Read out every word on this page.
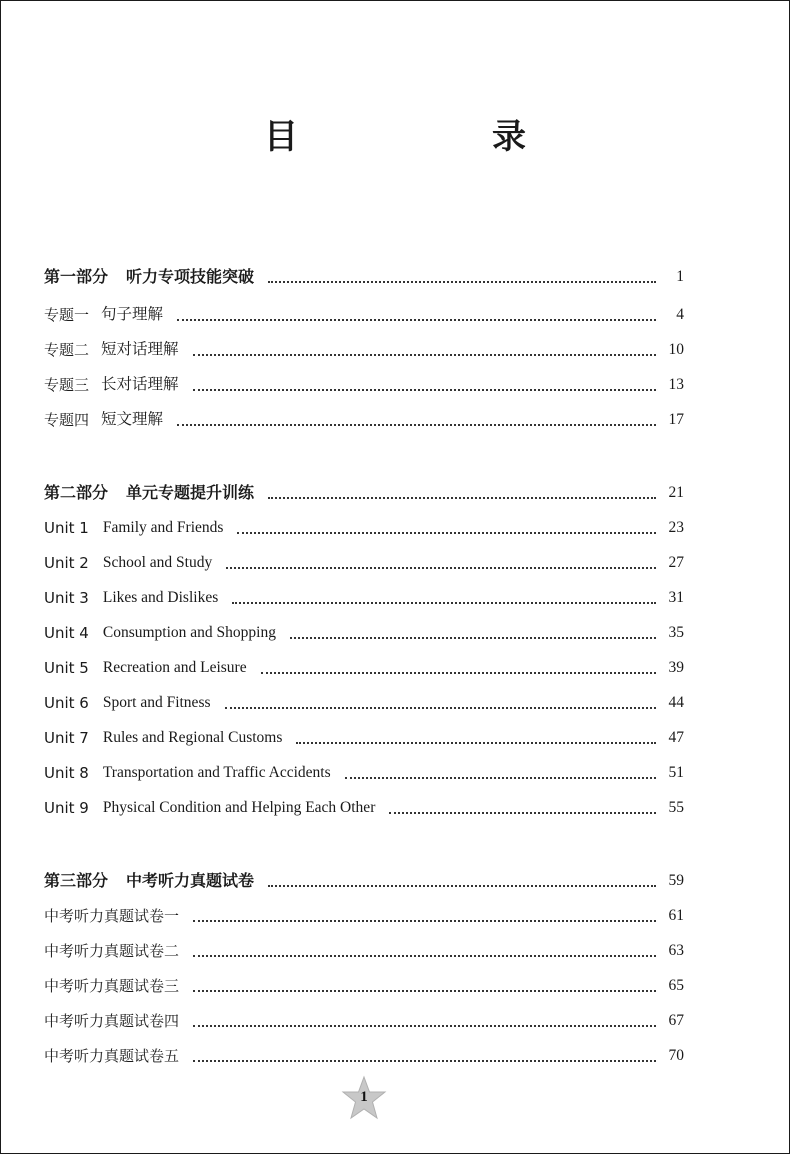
目　录
第一部分 听力专项技能突破	1
专题一 句子理解	4
专题二 短对话理解	10
专题三 长对话理解	13
专题四 短文理解	17
第二部分 单元专题提升训练	21
Unit 1 Family and Friends	23
Unit 2 School and Study	27
Unit 3 Likes and Dislikes	31
Unit 4 Consumption and Shopping	35
Unit 5 Recreation and Leisure	39
Unit 6 Sport and Fitness	44
Unit 7 Rules and Regional Customs	47
Unit 8 Transportation and Traffic Accidents	51
Unit 9 Physical Condition and Helping Each Other	55
第三部分 中考听力真题试卷	59
中考听力真题试卷一	61
中考听力真题试卷二	63
中考听力真题试卷三	65
中考听力真题试卷四	67
中考听力真题试卷五	70
1
